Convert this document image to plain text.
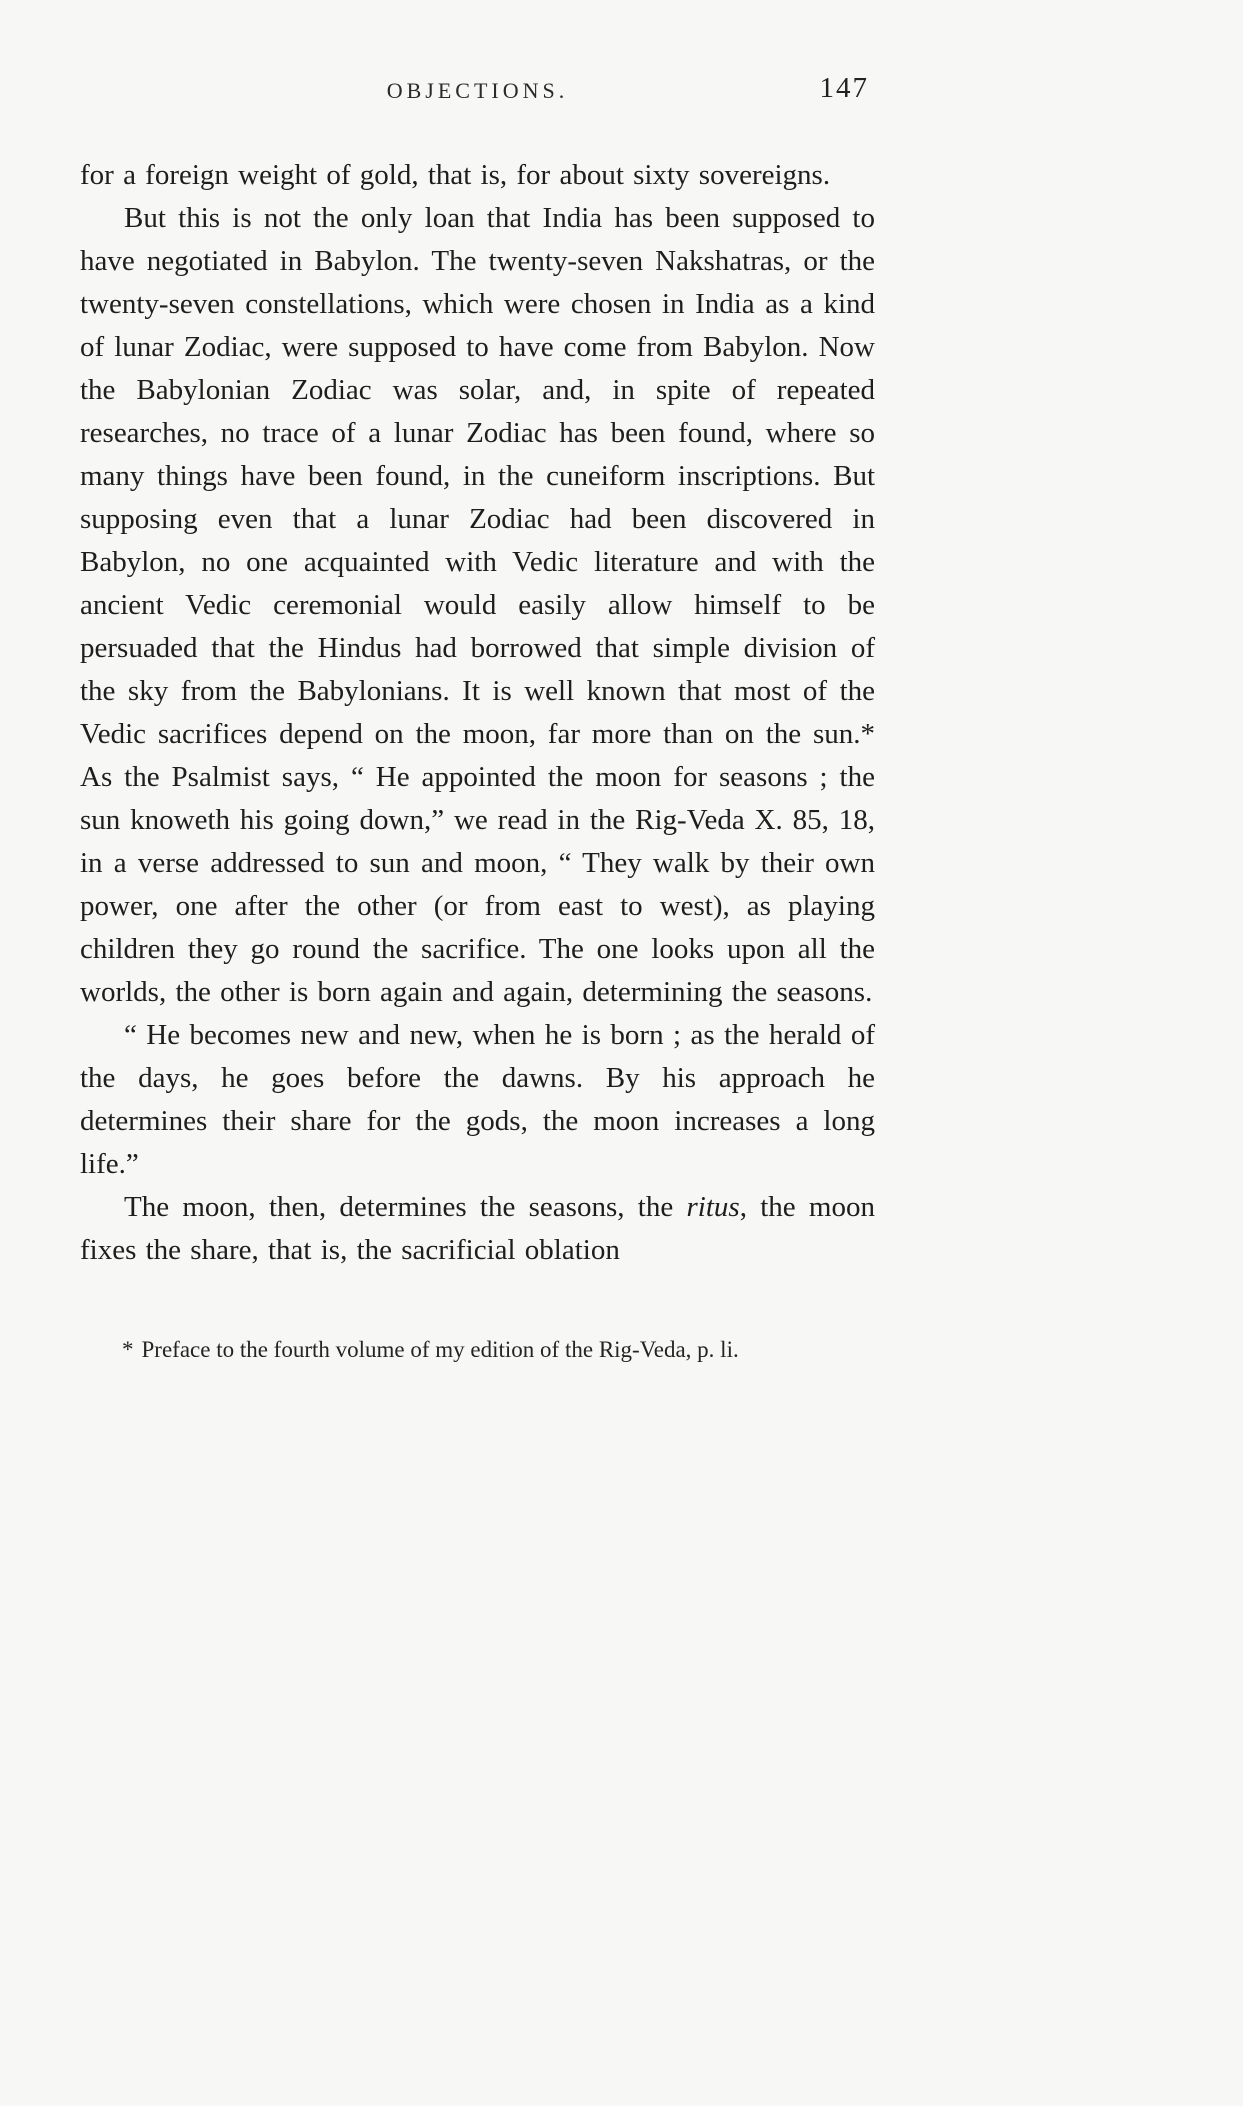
OBJECTIONS.	147

for a foreign weight of gold, that is, for about sixty sovereigns.

But this is not the only loan that India has been supposed to have negotiated in Babylon. The twenty-seven Nakshatras, or the twenty-seven constellations, which were chosen in India as a kind of lunar Zodiac, were supposed to have come from Babylon. Now the Babylonian Zodiac was solar, and, in spite of repeated researches, no trace of a lunar Zodiac has been found, where so many things have been found, in the cuneiform inscriptions. But supposing even that a lunar Zodiac had been discovered in Babylon, no one acquainted with Vedic literature and with the ancient Vedic ceremonial would easily allow himself to be persuaded that the Hindus had borrowed that simple division of the sky from the Babylonians. It is well known that most of the Vedic sacrifices depend on the moon, far more than on the sun.* As the Psalmist says, “ He appointed the moon for seasons ; the sun knoweth his going down,” we read in the Rig-Veda X. 85, 18, in a verse addressed to sun and moon, “ They walk by their own power, one after the other (or from east to west), as playing children they go round the sacrifice. The one looks upon all the worlds, the other is born again and again, determining the seasons.

“ He becomes new and new, when he is born ; as the herald of the days, he goes before the dawns. By his approach he determines their share for the gods, the moon increases a long life.”

The moon, then, determines the seasons, the ritus, the moon fixes the share, that is, the sacrificial oblation

* Preface to the fourth volume of my edition of the Rig-Veda, p. li.
